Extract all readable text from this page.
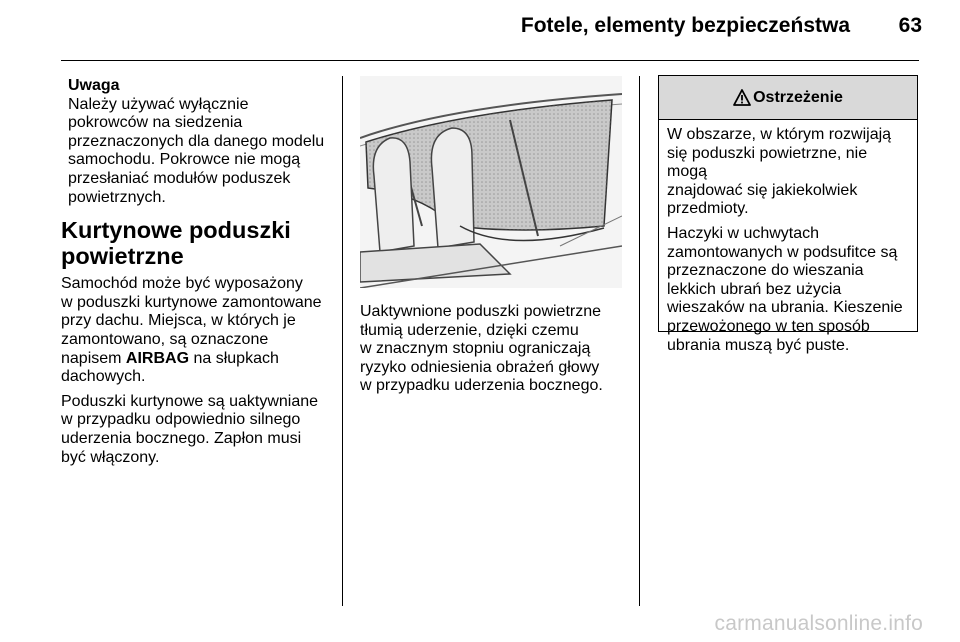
Fotele, elementy bezpieczeństwa	63
Uwaga
Należy używać wyłącznie
pokrowców na siedzenia
przeznaczonych dla danego modelu
samochodu. Pokrowce nie mogą
przesłaniać modułów poduszek
powietrznych.
Kurtynowe poduszki
powietrzne

Samochód może być wyposażony
w poduszki kurtynowe zamontowane
przy dachu. Miejsca, w których je
zamontowano, są oznaczone
napisem AIRBAG na słupkach
dachowych.

Poduszki kurtynowe są uaktywniane
w przypadku odpowiednio silnego
uderzenia bocznego. Zapłon musi
być włączony.

Uaktywnione poduszki powietrzne
tłumią uderzenie, dzięki czemu
w znacznym stopniu ograniczają
ryzyko odniesienia obrażeń głowy
w przypadku uderzenia bocznego.
Ostrzeżenie

W obszarze, w którym rozwijają
się poduszki powietrzne, nie mogą
znajdować się jakiekolwiek
przedmioty.

Haczyki w uchwytach
zamontowanych w podsufitce są
przeznaczone do wieszania
lekkich ubrań bez użycia
wieszaków na ubrania. Kieszenie
przewożonego w ten sposób
ubrania muszą być puste.

carmanualsonline.info
